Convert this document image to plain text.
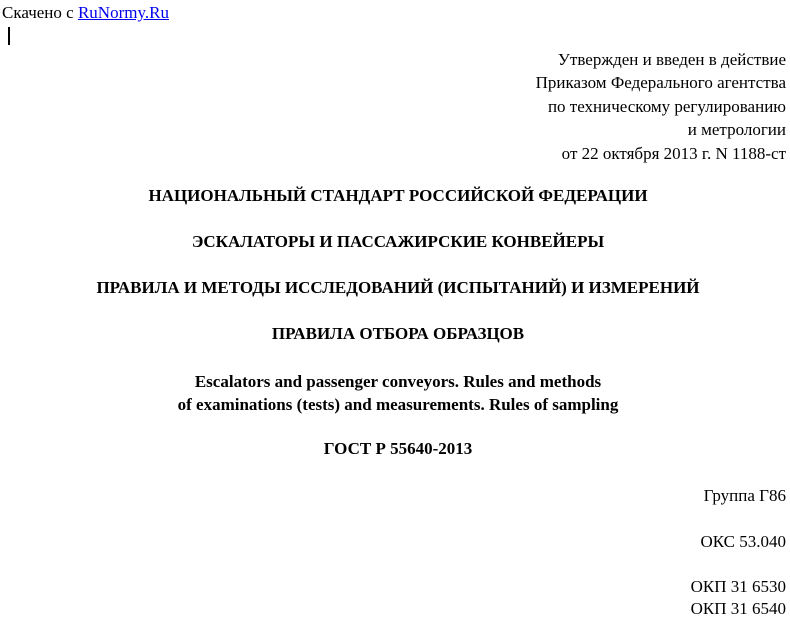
Скачено с RuNormy.Ru
Утвержден и введен в действие
Приказом Федерального агентства
по техническому регулированию
и метрологии
от 22 октября 2013 г. N 1188-ст
НАЦИОНАЛЬНЫЙ СТАНДАРТ РОССИЙСКОЙ ФЕДЕРАЦИИ
ЭСКАЛАТОРЫ И ПАССАЖИРСКИЕ КОНВЕЙЕРЫ
ПРАВИЛА И МЕТОДЫ ИССЛЕДОВАНИЙ (ИСПЫТАНИЙ) И ИЗМЕРЕНИЙ
ПРАВИЛА ОТБОРА ОБРАЗЦОВ
Escalators and passenger conveyors. Rules and methods
of examinations (tests) and measurements. Rules of sampling
ГОСТ Р 55640-2013
Группа Г86
ОКС 53.040
ОКП 31 6530
ОКП 31 6540
